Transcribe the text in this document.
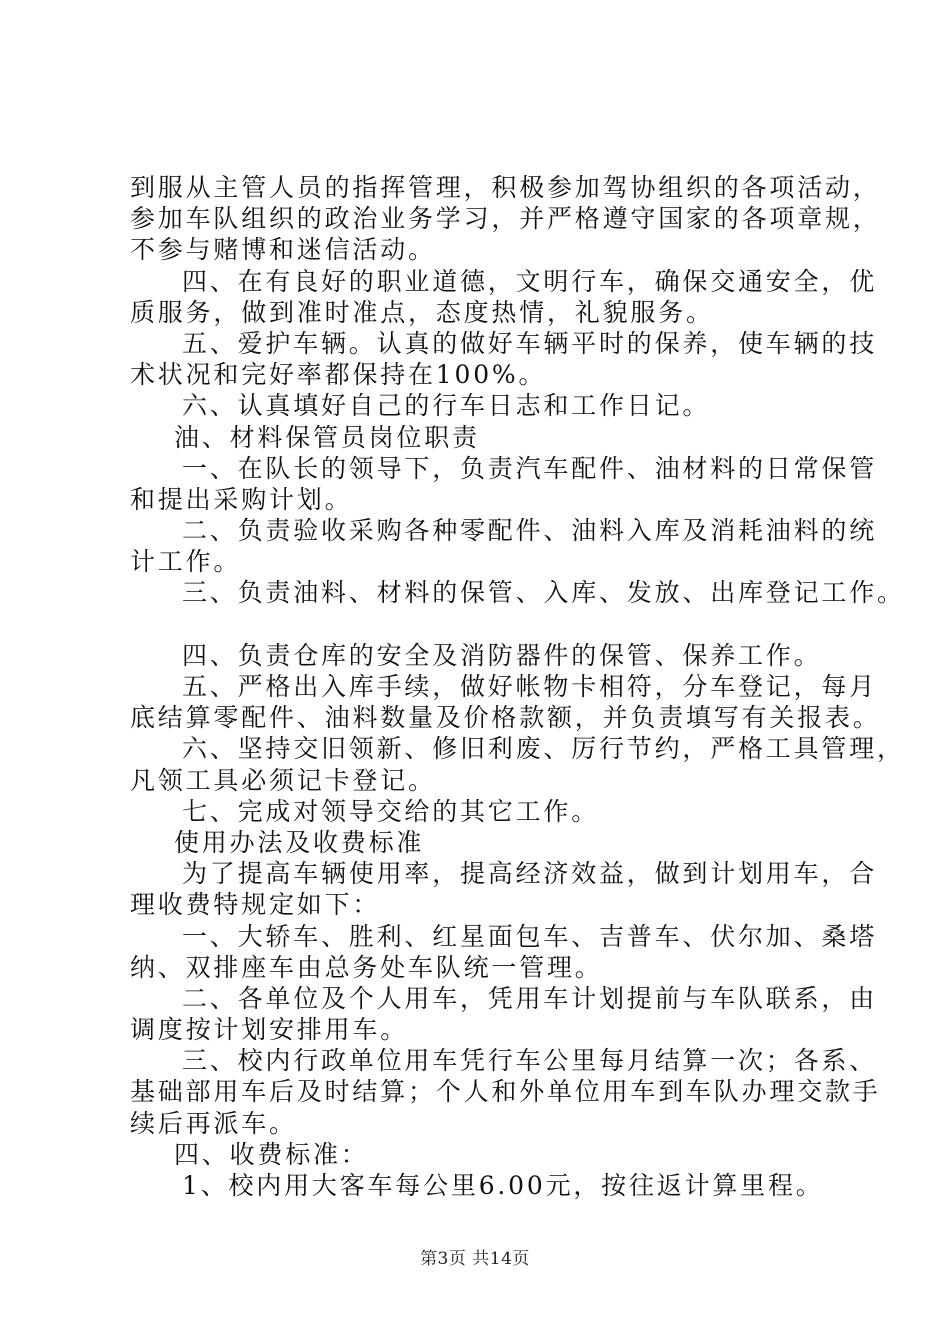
到服从主管人员的指挥管理，积极参加驾协组织的各项活动，
参加车队组织的政治业务学习，并严格遵守国家的各项章规，
不参与赌博和迷信活动。
四、在有良好的职业道德，文明行车，确保交通安全，优
质服务，做到准时准点，态度热情，礼貌服务。
五、爱护车辆。认真的做好车辆平时的保养，使车辆的技
术状况和完好率都保持在100%。
六、认真填好自己的行车日志和工作日记。
油、材料保管员岗位职责
一、在队长的领导下，负责汽车配件、油材料的日常保管
和提出采购计划。
二、负责验收采购各种零配件、油料入库及消耗油料的统
计工作。
三、负责油料、材料的保管、入库、发放、出库登记工作。
四、负责仓库的安全及消防器件的保管、保养工作。
五、严格出入库手续，做好帐物卡相符，分车登记，每月
底结算零配件、油料数量及价格款额，并负责填写有关报表。
六、坚持交旧领新、修旧利废、厉行节约，严格工具管理，
凡领工具必须记卡登记。
七、完成对领导交给的其它工作。
使用办法及收费标准
为了提高车辆使用率，提高经济效益，做到计划用车，合
理收费特规定如下：
一、大轿车、胜利、红星面包车、吉普车、伏尔加、桑塔
纳、双排座车由总务处车队统一管理。
二、各单位及个人用车，凭用车计划提前与车队联系，由
调度按计划安排用车。
三、校内行政单位用车凭行车公里每月结算一次；各系、
基础部用车后及时结算；个人和外单位用车到车队办理交款手
续后再派车。
四、收费标准：
1、校内用大客车每公里6.00元，按往返计算里程。
第3页 共14页
